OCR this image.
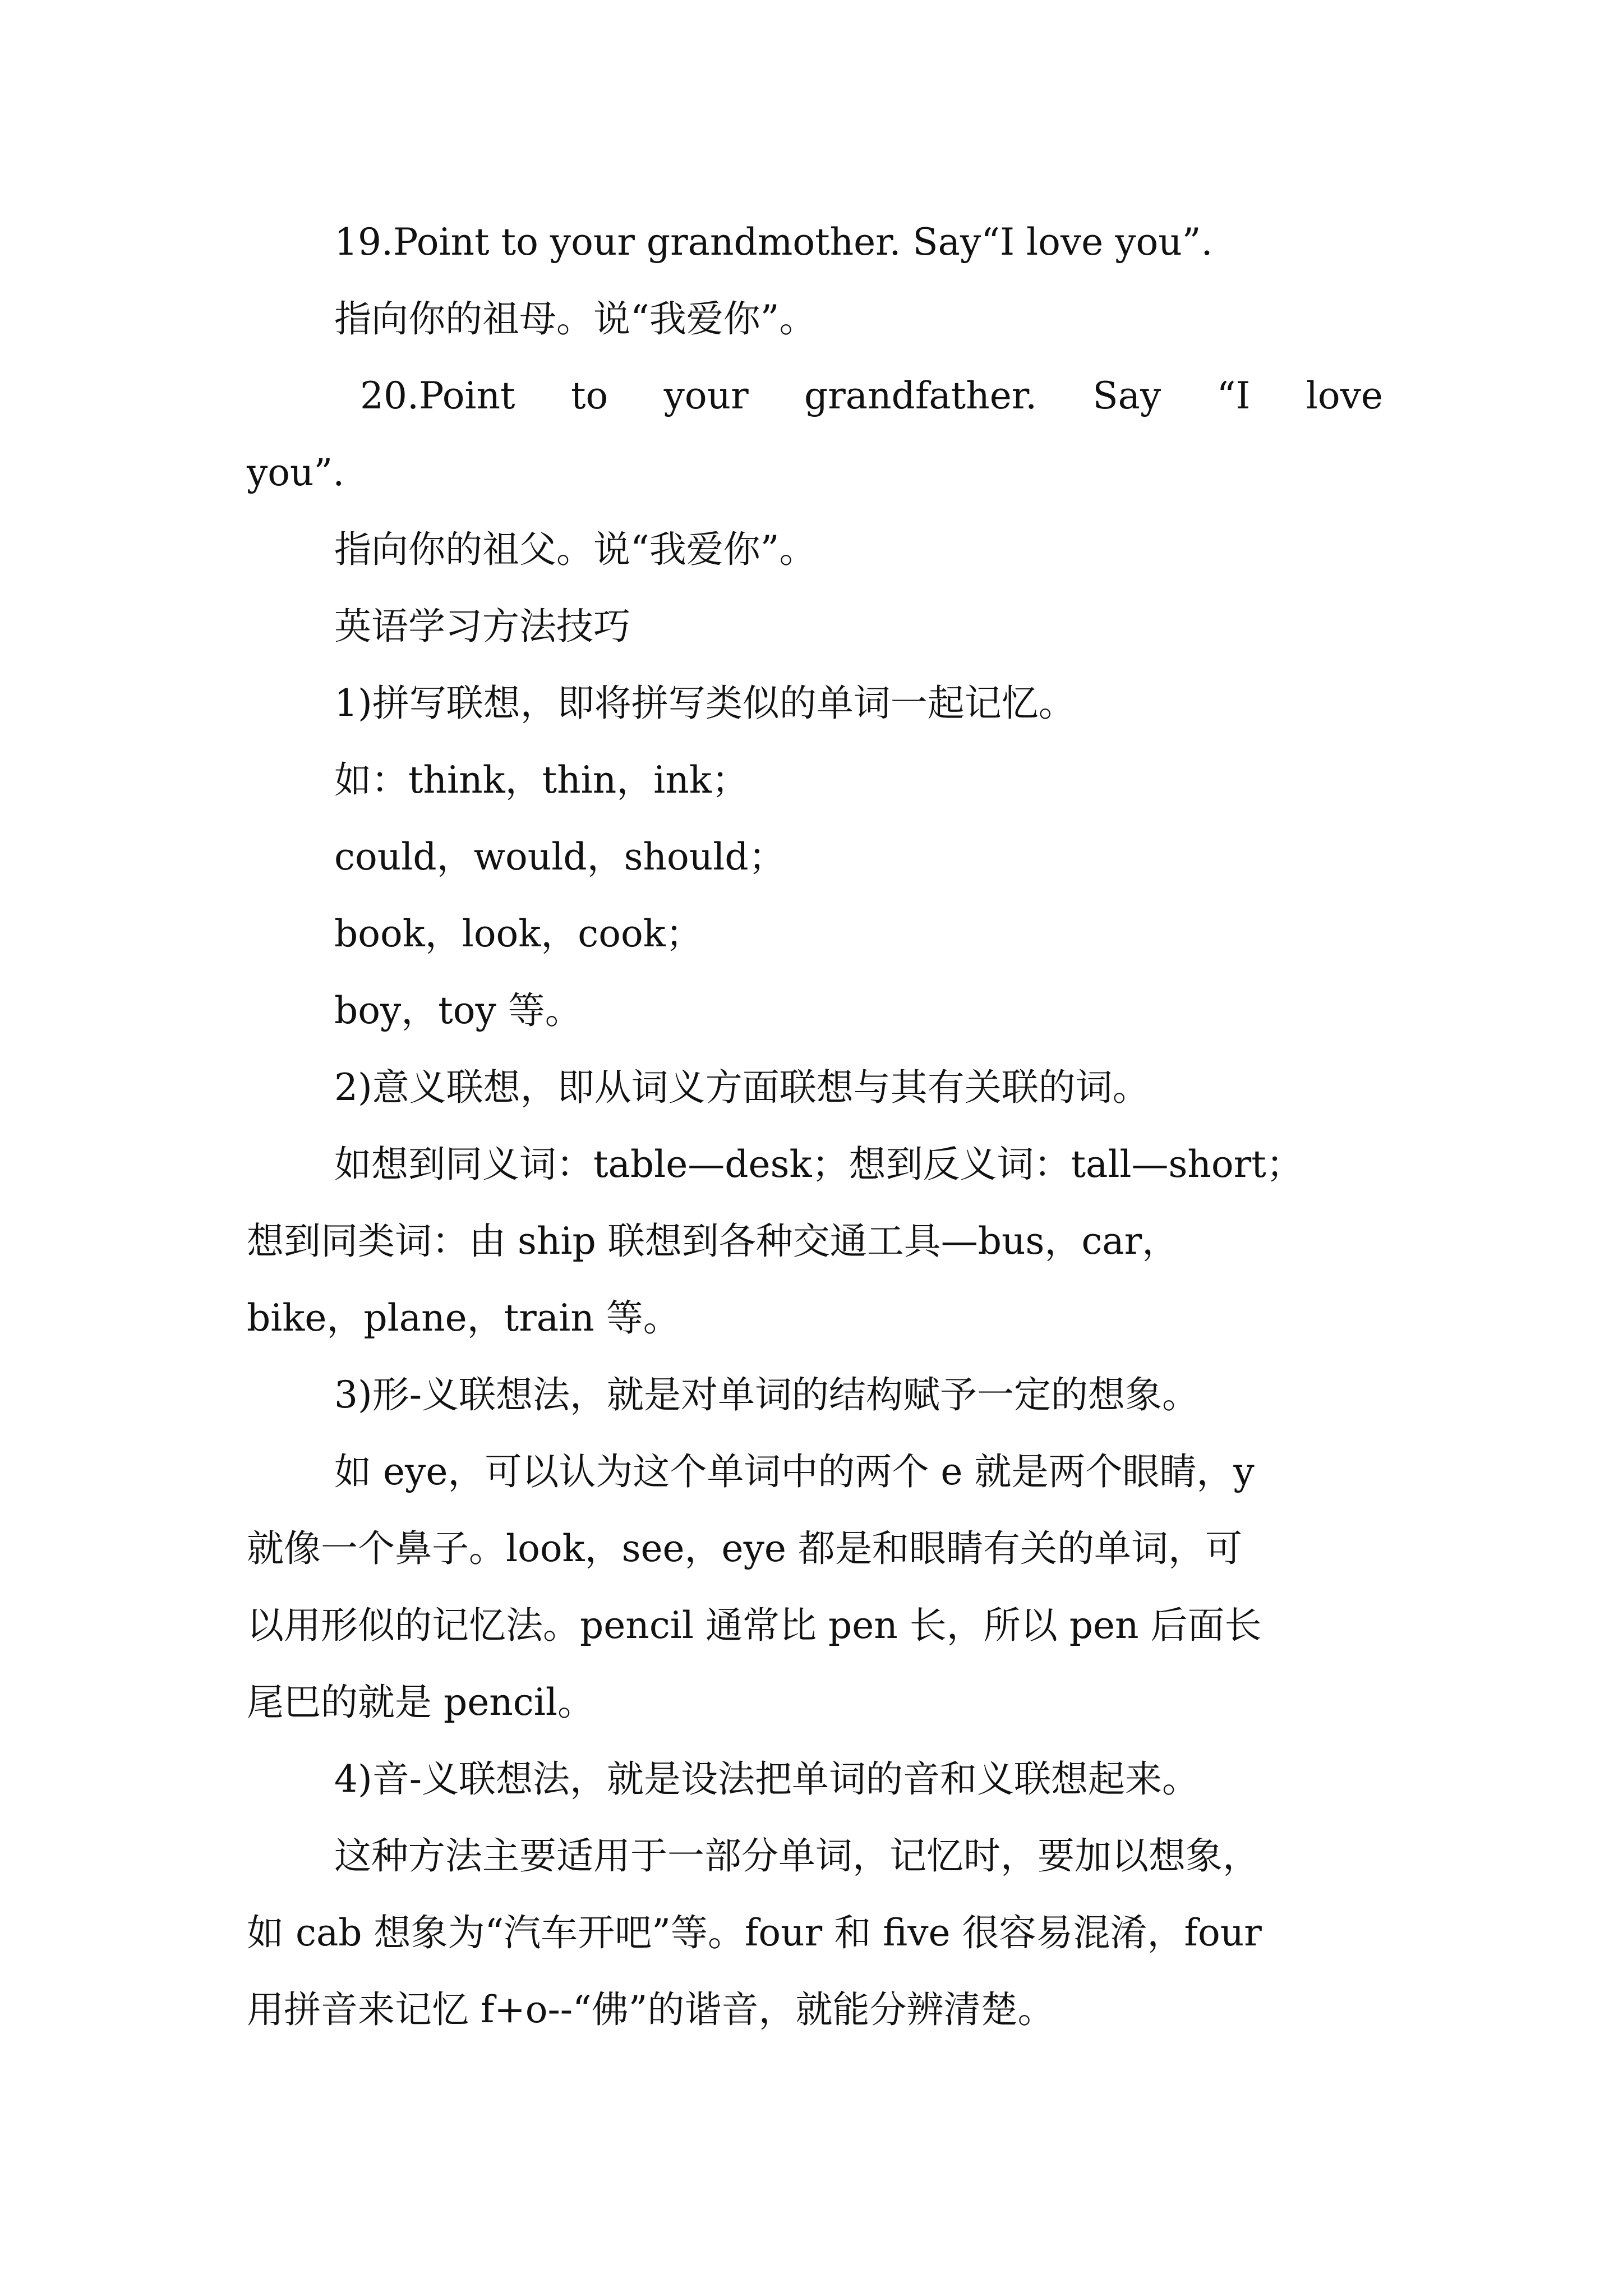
19.Point to your grandmother. Say“I love you”.
指向你的祖母。说“我爱你”。
20.Point to your grandfather. Say “I love
you”.
指向你的祖父。说“我爱你”。
英语学习方法技巧
1)拼写联想，即将拼写类似的单词一起记忆。
如：think，thin，ink；
could，would，should；
book，look，cook；
boy，toy 等。
2)意义联想，即从词义方面联想与其有关联的词。
如想到同义词：table—desk；想到反义词：tall—short；
想到同类词：由 ship 联想到各种交通工具—bus，car，
bike，plane，train 等。
3)形-义联想法，就是对单词的结构赋予一定的想象。
如 eye，可以认为这个单词中的两个 e 就是两个眼睛，y
就像一个鼻子。look，see，eye 都是和眼睛有关的单词，可
以用形似的记忆法。pencil 通常比 pen 长，所以 pen 后面长
尾巴的就是 pencil。
4)音-义联想法，就是设法把单词的音和义联想起来。
这种方法主要适用于一部分单词，记忆时，要加以想象，
如 cab 想象为“汽车开吧”等。four 和 five 很容易混淆，four
用拼音来记忆 f+o--“佛”的谐音，就能分辨清楚。
